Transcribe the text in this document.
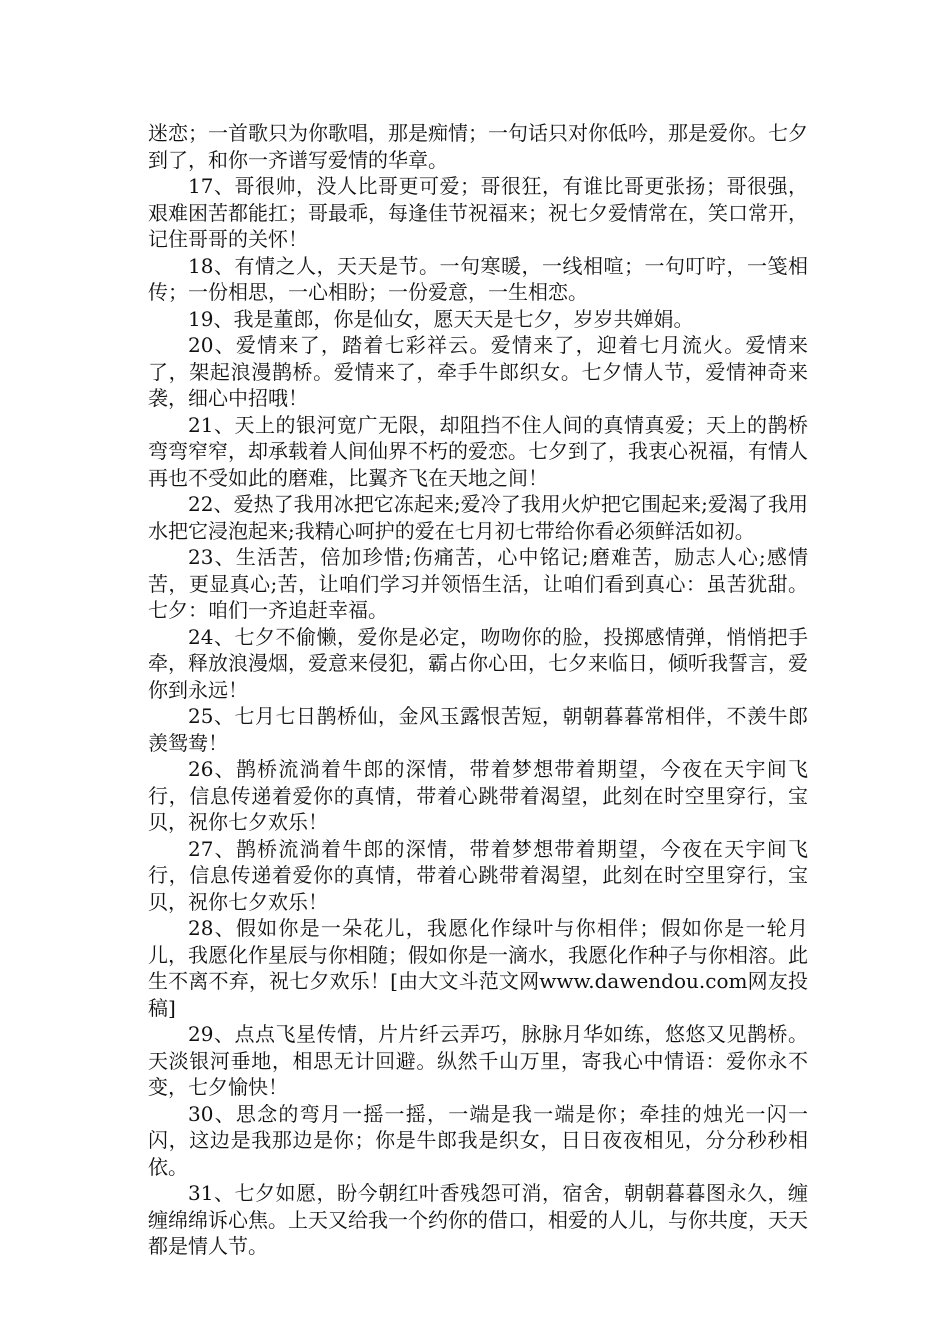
迷恋；一首歌只为你歌唱，那是痴情；一句话只对你低吟，那是爱你。七夕到了，和你一齐谱写爱情的华章。

17、哥很帅，没人比哥更可爱；哥很狂，有谁比哥更张扬；哥很强，艰难困苦都能扛；哥最乖，每逢佳节祝福来；祝七夕爱情常在，笑口常开，记住哥哥的关怀！

18、有情之人，天天是节。一句寒暖，一线相喧；一句叮咛，一笺相传；一份相思，一心相盼；一份爱意，一生相恋。

19、我是董郎，你是仙女，愿天天是七夕，岁岁共婵娟。

20、爱情来了，踏着七彩祥云。爱情来了，迎着七月流火。爱情来了，架起浪漫鹊桥。爱情来了，牵手牛郎织女。七夕情人节，爱情神奇来袭，细心中招哦！

21、天上的银河宽广无限，却阻挡不住人间的真情真爱；天上的鹊桥弯弯窄窄，却承载着人间仙界不朽的爱恋。七夕到了，我衷心祝福，有情人再也不受如此的磨难，比翼齐飞在天地之间！

22、爱热了我用冰把它冻起来;爱冷了我用火炉把它围起来;爱渴了我用水把它浸泡起来;我精心呵护的爱在七月初七带给你看必须鲜活如初。

23、生活苦，倍加珍惜;伤痛苦，心中铭记;磨难苦，励志人心;感情苦，更显真心;苦，让咱们学习并领悟生活，让咱们看到真心：虽苦犹甜。七夕：咱们一齐追赶幸福。

24、七夕不偷懒，爱你是必定，吻吻你的脸，投掷感情弹，悄悄把手牵，释放浪漫烟，爱意来侵犯，霸占你心田，七夕来临日，倾听我誓言，爱你到永远！

25、七月七日鹊桥仙，金风玉露恨苦短，朝朝暮暮常相伴，不羡牛郎羡鸳鸯！

26、鹊桥流淌着牛郎的深情，带着梦想带着期望，今夜在天宇间飞行，信息传递着爱你的真情，带着心跳带着渴望，此刻在时空里穿行，宝贝，祝你七夕欢乐！

27、鹊桥流淌着牛郎的深情，带着梦想带着期望，今夜在天宇间飞行，信息传递着爱你的真情，带着心跳带着渴望，此刻在时空里穿行，宝贝，祝你七夕欢乐！

28、假如你是一朵花儿，我愿化作绿叶与你相伴；假如你是一轮月儿，我愿化作星辰与你相随；假如你是一滴水，我愿化作种子与你相溶。此生不离不弃，祝七夕欢乐！[由大文斗范文网www.dawendou.com网友投稿]

29、点点飞星传情，片片纤云弄巧，脉脉月华如练，悠悠又见鹊桥。天淡银河垂地，相思无计回避。纵然千山万里，寄我心中情语：爱你永不变，七夕愉快！

30、思念的弯月一摇一摇，一端是我一端是你；牵挂的烛光一闪一闪，这边是我那边是你；你是牛郎我是织女，日日夜夜相见，分分秒秒相依。

31、七夕如愿，盼今朝红叶香残怨可消，宿舍，朝朝暮暮图永久，缠缠绵绵诉心焦。上天又给我一个约你的借口，相爱的人儿，与你共度，天天都是情人节。
